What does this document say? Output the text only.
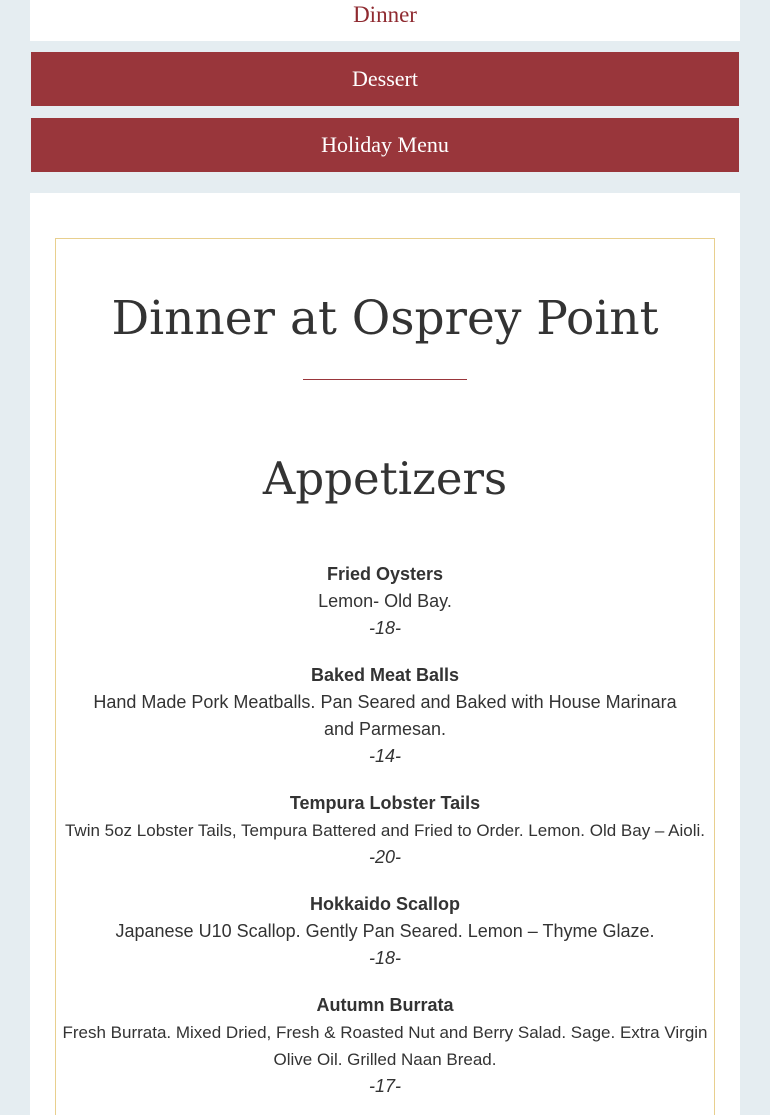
Dinner
Dessert
Holiday Menu
Dinner at Osprey Point
Appetizers
Fried Oysters
Lemon- Old Bay.
-18-
Baked Meat Balls
Hand Made Pork Meatballs. Pan Seared and Baked with House Marinara and Parmesan.
-14-
Tempura Lobster Tails
Twin 5oz Lobster Tails, Tempura Battered and Fried to Order. Lemon. Old Bay – Aioli.
-20-
Hokkaido Scallop
Japanese U10 Scallop. Gently Pan Seared. Lemon – Thyme Glaze.
-18-
Autumn Burrata
Fresh Burrata. Mixed Dried, Fresh & Roasted Nut and Berry Salad. Sage. Extra Virgin Olive Oil. Grilled Naan Bread.
-17-
